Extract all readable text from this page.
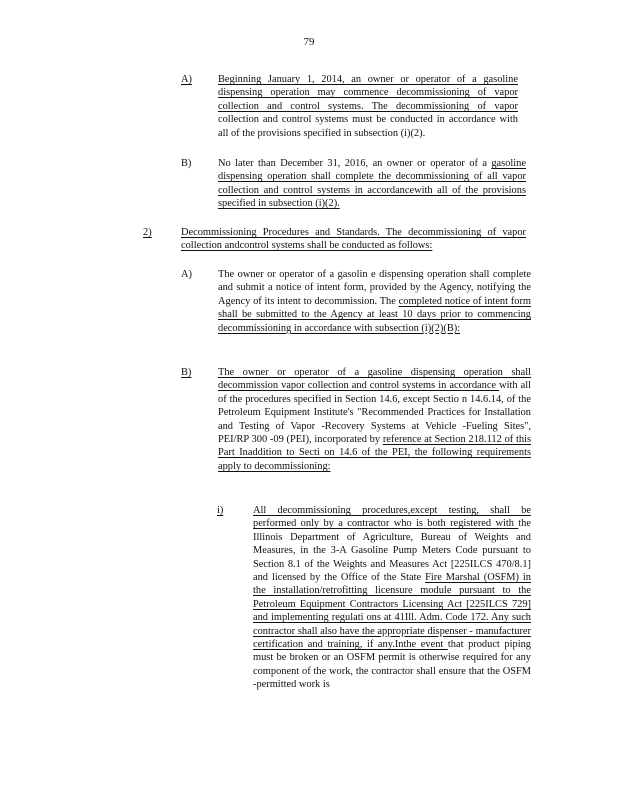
79
A)	Beginning January 1, 2014, an owner or operator of a gasoline dispensing operation may commence decommissioning of vapor collection and control systems. The decommissioning of vapor collection and control systems must be conducted in accordance with all of the provisions specified in subsection (i)(2).
B)	No later than December 31, 2016, an owner or operator of a gasoline dispensing operation shall complete the decommissioning of all vapor collection and control systems in accordancewith all of the provisions specified in subsection (i)(2).
2)	Decommissioning Procedures and Standards. The decommissioning of vapor collection andcontrol systems shall be conducted as follows:
A)	The owner or operator of a gasolin e dispensing operation shall complete and submit a notice of intent form, provided by the Agency, notifying the Agency of its intent to decommission. The completed notice of intent form shall be submitted to the Agency at least 10 days prior to commencing decommissioning in accordance with subsection (i)(2)(B):
B)	The owner or operator of a gasoline dispensing operation shall decommission vapor collection and control systems in accordance with all of the procedures specified in Section 14.6, except Sectio n 14.6.14, of the Petroleum Equipment Institute's "Recommended Practices for Installation and Testing of Vapor -Recovery Systems at Vehicle -Fueling Sites", PEI/RP 300 -09 (PEI), incorporated by reference at Section 218.112 of this Part Inaddition to Secti on 14.6 of the PEI, the following requirements apply to decommissioning:
i)	All decommissioning procedures,except testing, shall be performed only by a contractor who is both registered with the Illinois Department of Agriculture, Bureau of Weights and Measures, in the 3-A Gasoline Pump Meters Code pursuant to Section 8.1 of the Weights and Measures Act [225ILCS 470/8.1] and licensed by the Office of the State Fire Marshal (OSFM) in the installation/retrofitting licensure module pursuant to the Petroleum Equipment Contractors Licensing Act [225ILCS 729] and implementing regulati ons at 41Ill. Adm. Code 172. Any such contractor shall also have the appropriate dispenser - manufacturer certification and training, if any.Inthe event that product piping must be broken or an OSFM permit is otherwise required for any component of the work, the contractor shall ensure that the OSFM -permitted work is
